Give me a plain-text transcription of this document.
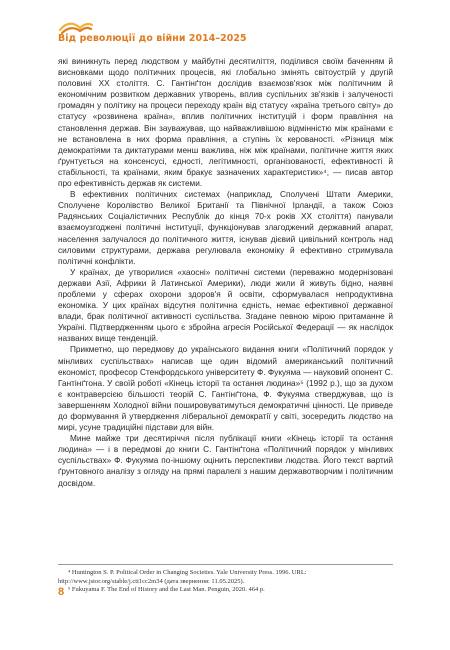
Від революції до війни 2014–2025

які виникнуть перед людством у майбутні десятиліття, поділився своїм баченням й висновками щодо політичних процесів, які глобально змінять світоустрій у другій половині ХХ століття. С. Гантінґтон дослідив взаємозв'язок між політичним й економічним розвитком державних утворень, вплив суспільних зв'язків і залученості громадян у політику на процеси переходу країн від статусу «країна третього світу» до статусу «розвинена країна», вплив політичних інституцій і форм правління на становлення держав. Він зауважував, що найважливішою відмінністю між країнами є не встановлена в них форма правління, а ступінь їх керованості. «Різниця між демократіями та диктатурами менш важлива, ніж між країнами, політичне життя яких ґрунтується на консенсусі, єдності, легітимності, організованості, ефективності й стабільності, та країнами, яким бракує зазначених характеристик»⁴, — писав автор про ефективність держав як системи.

В ефективних політичних системах (наприклад, Сполучені Штати Америки, Сполучене Королівство Великої Британії та Північної Ірландії, а також Союз Радянських Соціалістичних Республік до кінця 70-х років ХХ століття) панували взаємоузгоджені політичні інституції, функціонував злагоджений державний апарат, населення залучалося до політичного життя, існував дієвий цивільний контроль над силовими структурами, держава регулювала економіку й ефективно стримувала політичні конфлікти.

У країнах, де утворилися «хаосні» політичні системи (переважно модернізовані держави Азії, Африки й Латинської Америки), люди жили й живуть бідно, наявні проблеми у сферах охорони здоров'я й освіти, сформувалася непродуктивна економіка. У цих країнах відсутня політична єдність, немає ефективної державної влади, брак політичної активності суспільства. Згадане певною мірою притаманне й Україні. Підтвердженням цього є збройна агресія Російської Федерації — як наслідок названих вище тенденцій.

Прикметно, що передмову до українського видання книги «Політичний порядок у мінливих суспільствах» написав ще один відомий американський політичний економіст, професор Стенфордського університету Ф. Фукуяма — науковий опонент С. Гантінґтона. У своїй роботі «Кінець історії та остання людина»⁵ (1992 р.), що за духом є контраверсією більшості теорій С. Гантінґтона, Ф. Фукуяма стверджував, що із завершенням Холодної війни пошировуватимуться демократичні цінності. Це приведе до формування й утвердження ліберальної демократії у світі, зосередить людство на мирі, усуне традиційні підстави для війн.

Мине майже три десятиріччя після публікації книги «Кінець історії та остання людина» — і в передмові до книги С. Гантінґтона «Політичний порядок у мінливих суспільствах» Ф. Фукуяма по-іншому оцінить перспективи людства. Його текст вартий ґрунтовного аналізу з огляду на прямі паралелі з нашим державотворчим і політичним досвідом.

⁴ Huntington S. P. Political Order in Changing Societies. Yale University Press. 1996. URL: http://www.jstor.org/stable/j.ctt1cc2m34 (дата звернення: 11.05.2025).

⁵ Fukuyama F. The End of History and the Last Man. Penguin, 2020. 464 p.

8
